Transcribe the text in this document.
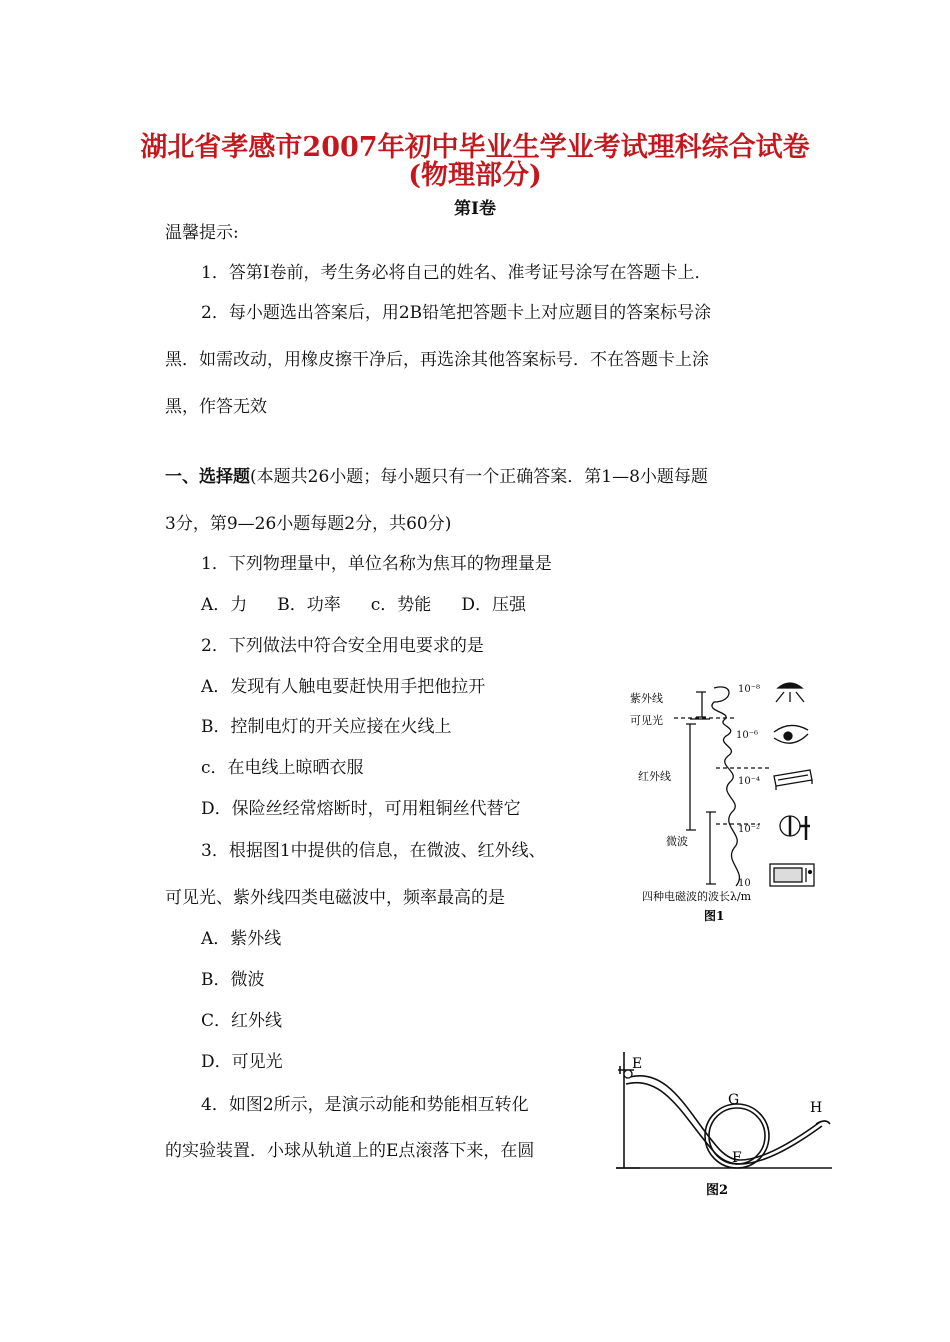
湖北省孝感市2007年初中毕业生学业考试理科综合试卷
(物理部分)
第Ⅰ卷
温馨提示:
1．答第Ⅰ卷前，考生务必将自己的姓名、准考证号涂写在答题卡上．
2．每小题选出答案后，用2B铅笔把答题卡上对应题目的答案标号涂
黑．如需改动，用橡皮擦干净后，再选涂其他答案标号．不在答题卡上涂
黑，作答无效
一、选择题(本题共26小题；每小题只有一个正确答案．第1—8小题每题
3分，第9—26小题每题2分，共60分)
1．下列物理量中，单位名称为焦耳的物理量是
A．力 B．功率 c．势能 D．压强
2．下列做法中符合安全用电要求的是
A．发现有人触电要赶快用手把他拉开
B．控制电灯的开关应接在火线上
c．在电线上晾晒衣服
D．保险丝经常熔断时，可用粗铜丝代替它
3．根据图1中提供的信息，在微波、红外线、
可见光、紫外线四类电磁波中，频率最高的是
A．紫外线
B．微波
C．红外线
D．可见光
4．如图2所示，是演示动能和势能相互转化
的实验装置．小球从轨道上的E点滚落下来，在圆
紫外线
可见光
红外线
微波
10⁻⁸
10⁻⁶
10⁻⁴
10⁻²
10
四种电磁波的波长λ/m
图1
E
G
F
H
图2
